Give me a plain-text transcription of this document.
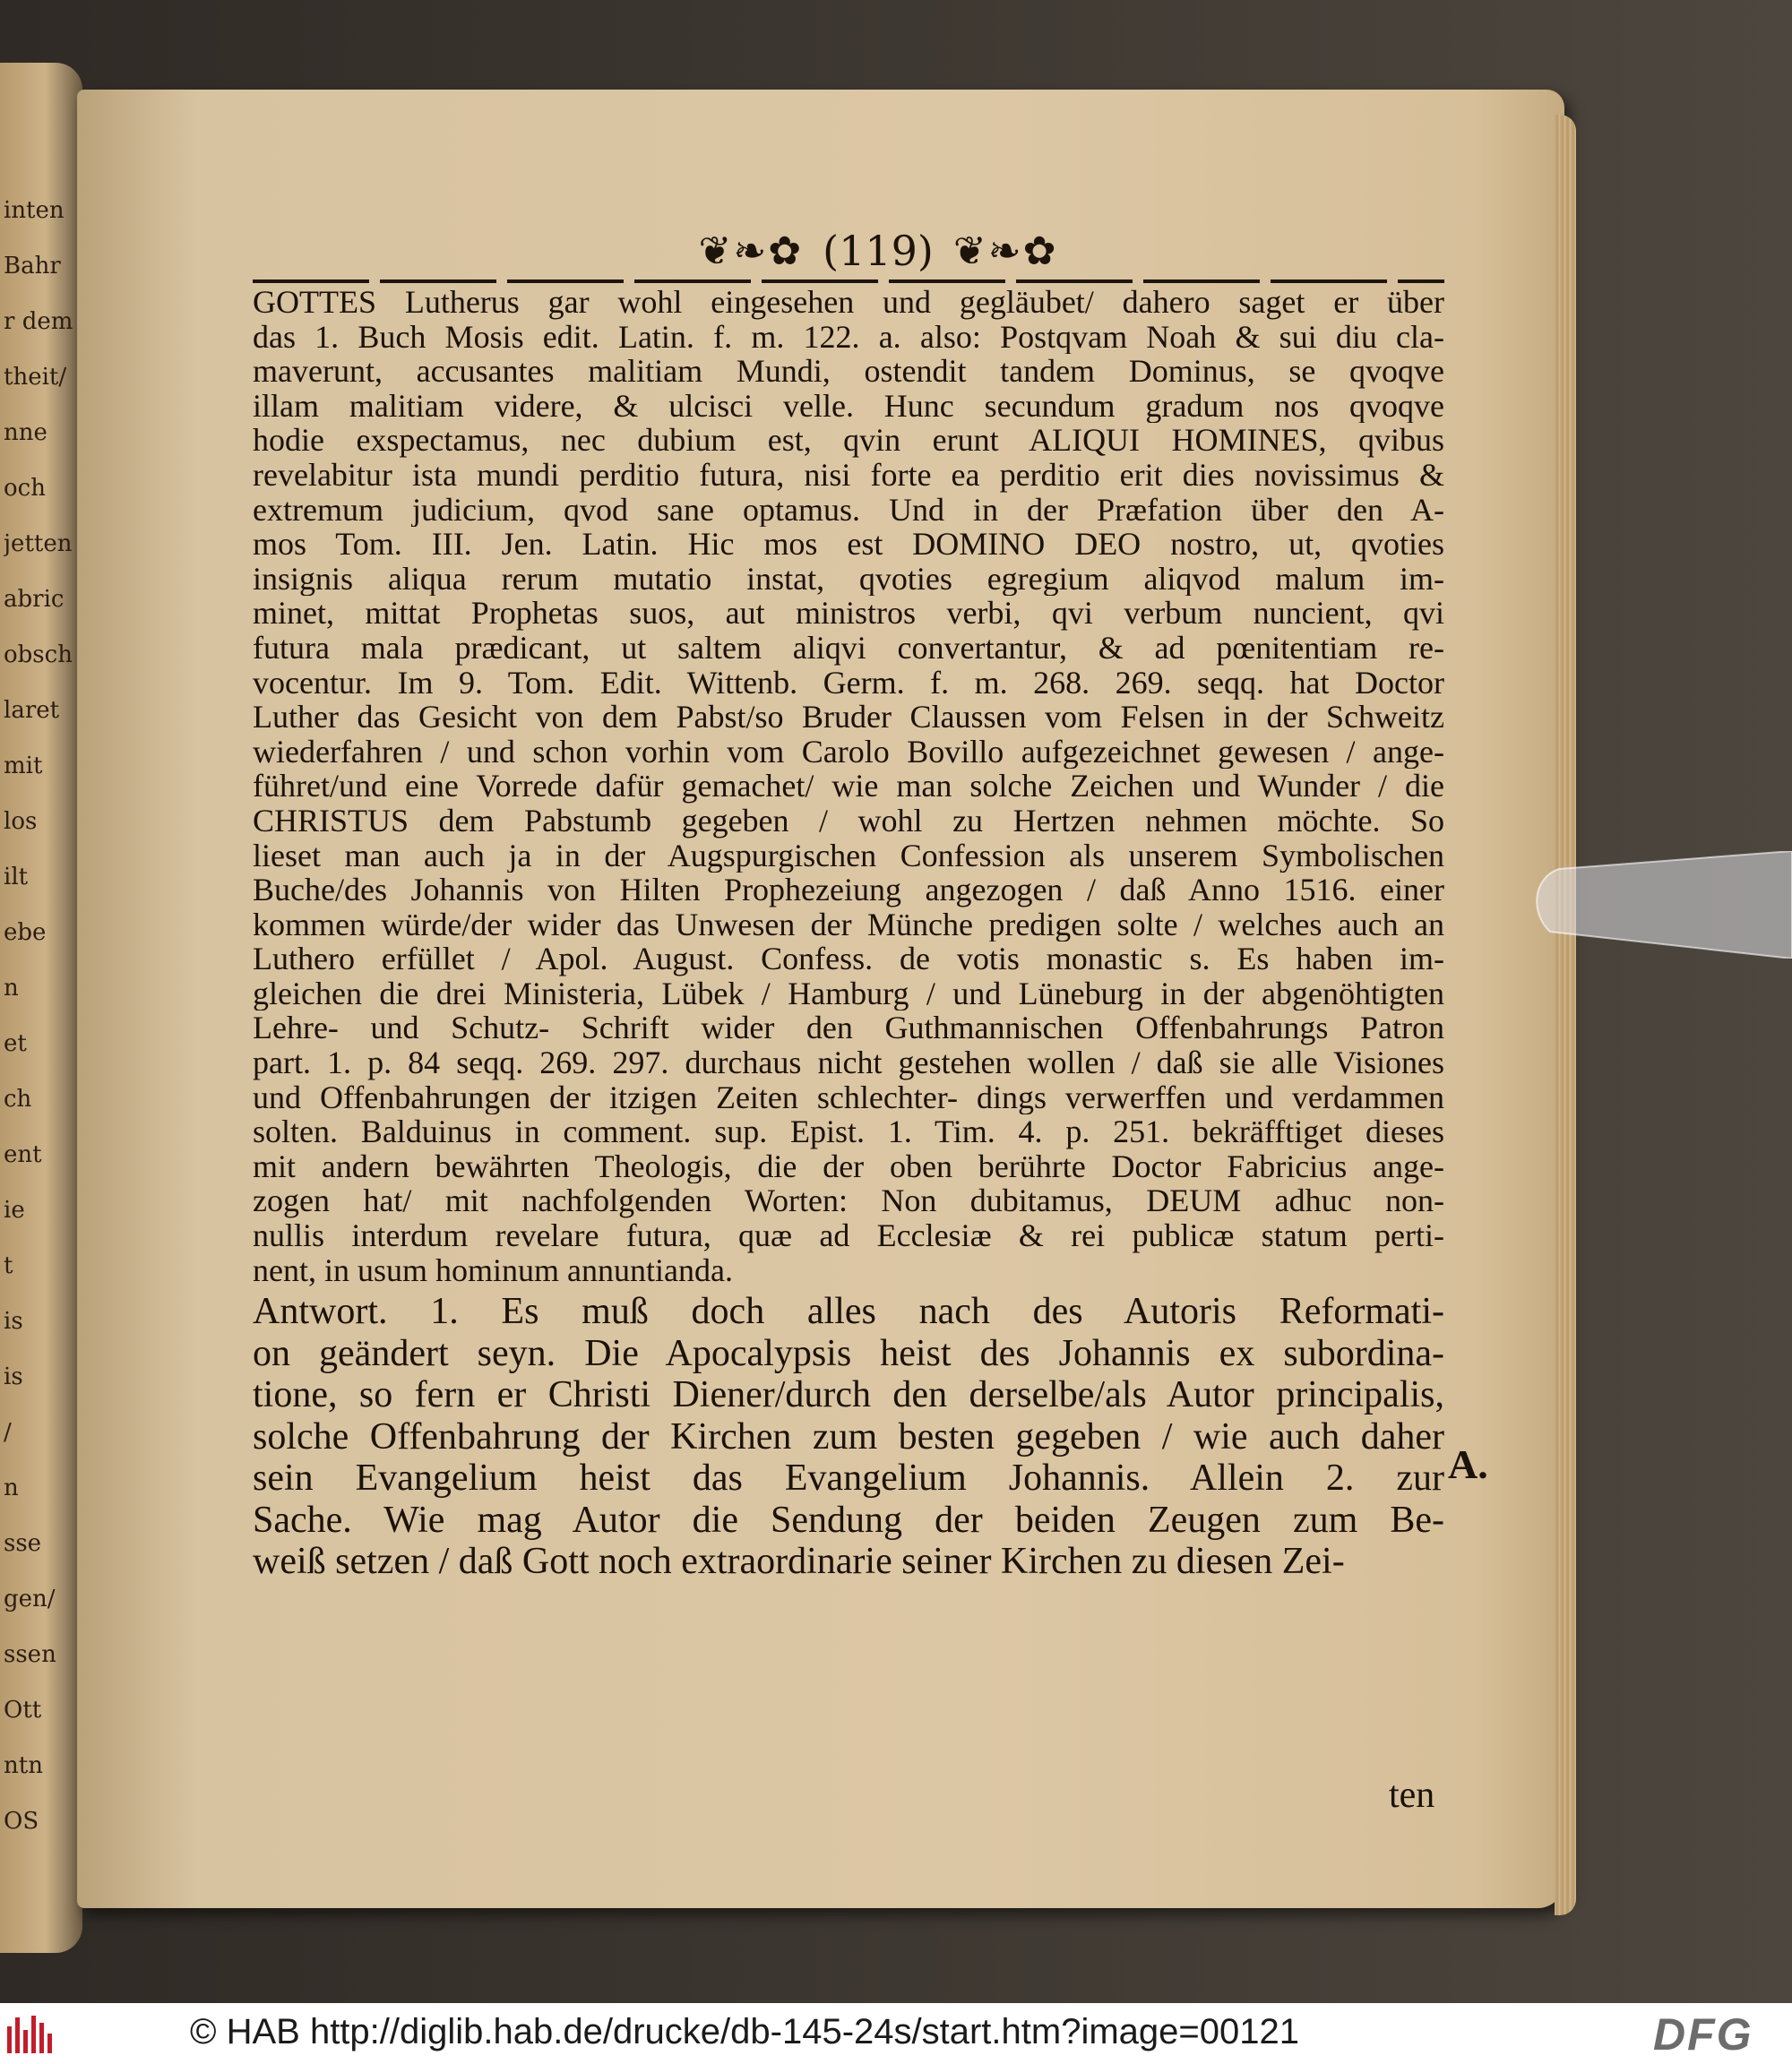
inten
Bahr
r dem
theit/
nne
och
jetten
abric
obsch
laret
mit
los
ilt
ebe
n
et
ch
ent
ie
t
is
is
/
n
sse
gen/
ssen
Ott
ntn
OS
❦❧✿ (119) ❦❧✿
GOTTES Lutherus gar wohl eingesehen und gegläubet/ dahero saget er über
das 1. Buch Mosis edit. Latin. f. m. 122. a. also: Postqvam Noah & sui diu cla-
maverunt, accusantes malitiam Mundi, ostendit tandem Dominus, se qvoqve
illam malitiam videre, & ulcisci velle. Hunc secundum gradum nos qvoqve
hodie exspectamus, nec dubium est, qvin erunt ALIQUI HOMINES, qvibus
revelabitur ista mundi perditio futura, nisi forte ea perditio erit dies novissimus &
extremum judicium, qvod sane optamus. Und in der Præfation über den A-
mos Tom. III. Jen. Latin. Hic mos est DOMINO DEO nostro, ut, qvoties
insignis aliqua rerum mutatio instat, qvoties egregium aliqvod malum im-
minet, mittat Prophetas suos, aut ministros verbi, qvi verbum nuncient, qvi
futura mala prædicant, ut saltem aliqvi convertantur, & ad pœnitentiam re-
vocentur. Im 9. Tom. Edit. Wittenb. Germ. f. m. 268. 269. seqq. hat Doctor
Luther das Gesicht von dem Pabst/so Bruder Claussen vom Felsen in der Schweitz
wiederfahren / und schon vorhin vom Carolo Bovillo aufgezeichnet gewesen / ange-
führet/und eine Vorrede dafür gemachet/ wie man solche Zeichen und Wunder / die
CHRISTUS dem Pabstumb gegeben / wohl zu Hertzen nehmen möchte. So
lieset man auch ja in der Augspurgischen Confession als unserem Symbolischen
Buche/des Johannis von Hilten Prophezeiung angezogen / daß Anno 1516. einer
kommen würde/der wider das Unwesen der Münche predigen solte / welches auch an
Luthero erfüllet / Apol. August. Confess. de votis monastic s. Es haben im-
gleichen die drei Ministeria, Lübek / Hamburg / und Lüneburg in der abgenöhtigten
Lehre- und Schutz- Schrift wider den Guthmannischen Offenbahrungs Patron
part. 1. p. 84 seqq. 269. 297. durchaus nicht gestehen wollen / daß sie alle Visiones
und Offenbahrungen der itzigen Zeiten schlechter- dings verwerffen und verdammen
solten. Balduinus in comment. sup. Epist. 1. Tim. 4. p. 251. bekräfftiget dieses
mit andern bewährten Theologis, die der oben berührte Doctor Fabricius ange-
zogen hat/ mit nachfolgenden Worten: Non dubitamus, DEUM adhuc non-
nullis interdum revelare futura, quæ ad Ecclesiæ & rei publicæ statum perti-
nent, in usum hominum annuntianda.
Antwort. 1. Es muß doch alles nach des Autoris Reformati-
on geändert seyn. Die Apocalypsis heist des Johannis ex subordina-
tione, so fern er Christi Diener/durch den derselbe/als Autor principalis,
solche Offenbahrung der Kirchen zum besten gegeben / wie auch daher
sein Evangelium heist das Evangelium Johannis. Allein 2. zur
Sache. Wie mag Autor die Sendung der beiden Zeugen zum Be-
weiß setzen / daß Gott noch extraordinarie seiner Kirchen zu diesen Zei-
A.
ten
© HAB http://diglib.hab.de/drucke/db-145-24s/start.htm?image=00121	DFG
